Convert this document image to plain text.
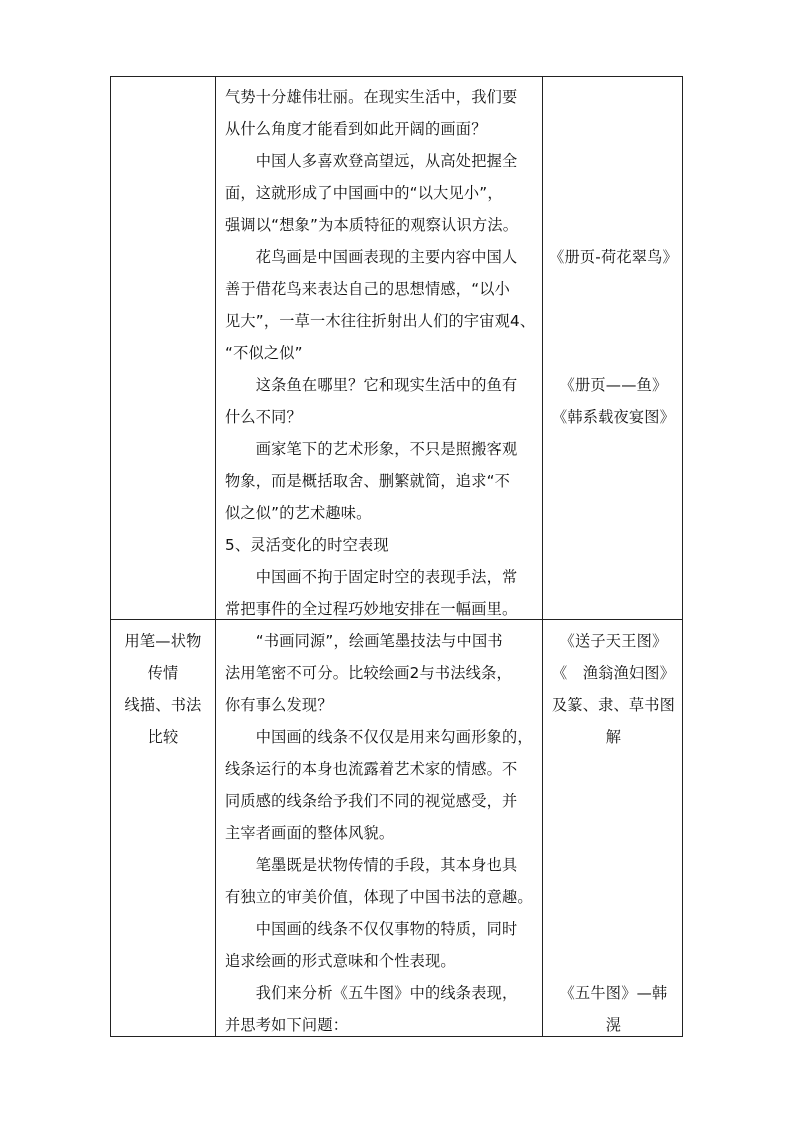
气势十分雄伟壮丽。在现实生活中，我们要
从什么角度才能看到如此开阔的画面？
　　中国人多喜欢登高望远，从高处把握全
面，这就形成了中国画中的“以大见小”，
强调以“想象”为本质特征的观察认识方法。
　　花鸟画是中国画表现的主要内容中国人
善于借花鸟来表达自己的思想情感，“以小
见大”，一草一木往往折射出人们的宇宙观4、
“不似之似”
　　这条鱼在哪里？它和现实生活中的鱼有
什么不同？
　　画家笔下的艺术形象，不只是照搬客观
物象，而是概括取舍、删繁就简，追求“不
似之似”的艺术趣味。
5、灵活变化的时空表现
　　中国画不拘于固定时空的表现手法，常
常把事件的全过程巧妙地安排在一幅画里。
《册页-荷花翠鸟》
《册页——鱼》
《韩系载夜宴图》
用笔—状物
传情
线描、书法
比较
　　“书画同源”，绘画笔墨技法与中国书
法用笔密不可分。比较绘画2与书法线条，
你有事么发现？
　　中国画的线条不仅仅是用来勾画形象的，
线条运行的本身也流露着艺术家的情感。不
同质感的线条给予我们不同的视觉感受，并
主宰者画面的整体风貌。
　　笔墨既是状物传情的手段，其本身也具
有独立的审美价值，体现了中国书法的意趣。
　　中国画的线条不仅仅事物的特质，同时
追求绘画的形式意味和个性表现。
　　我们来分析《五牛图》中的线条表现，
并思考如下问题：
《送子天王图》
《　渔翁渔妇图》
及篆、隶、草书图
解
《五牛图》—韩
滉
